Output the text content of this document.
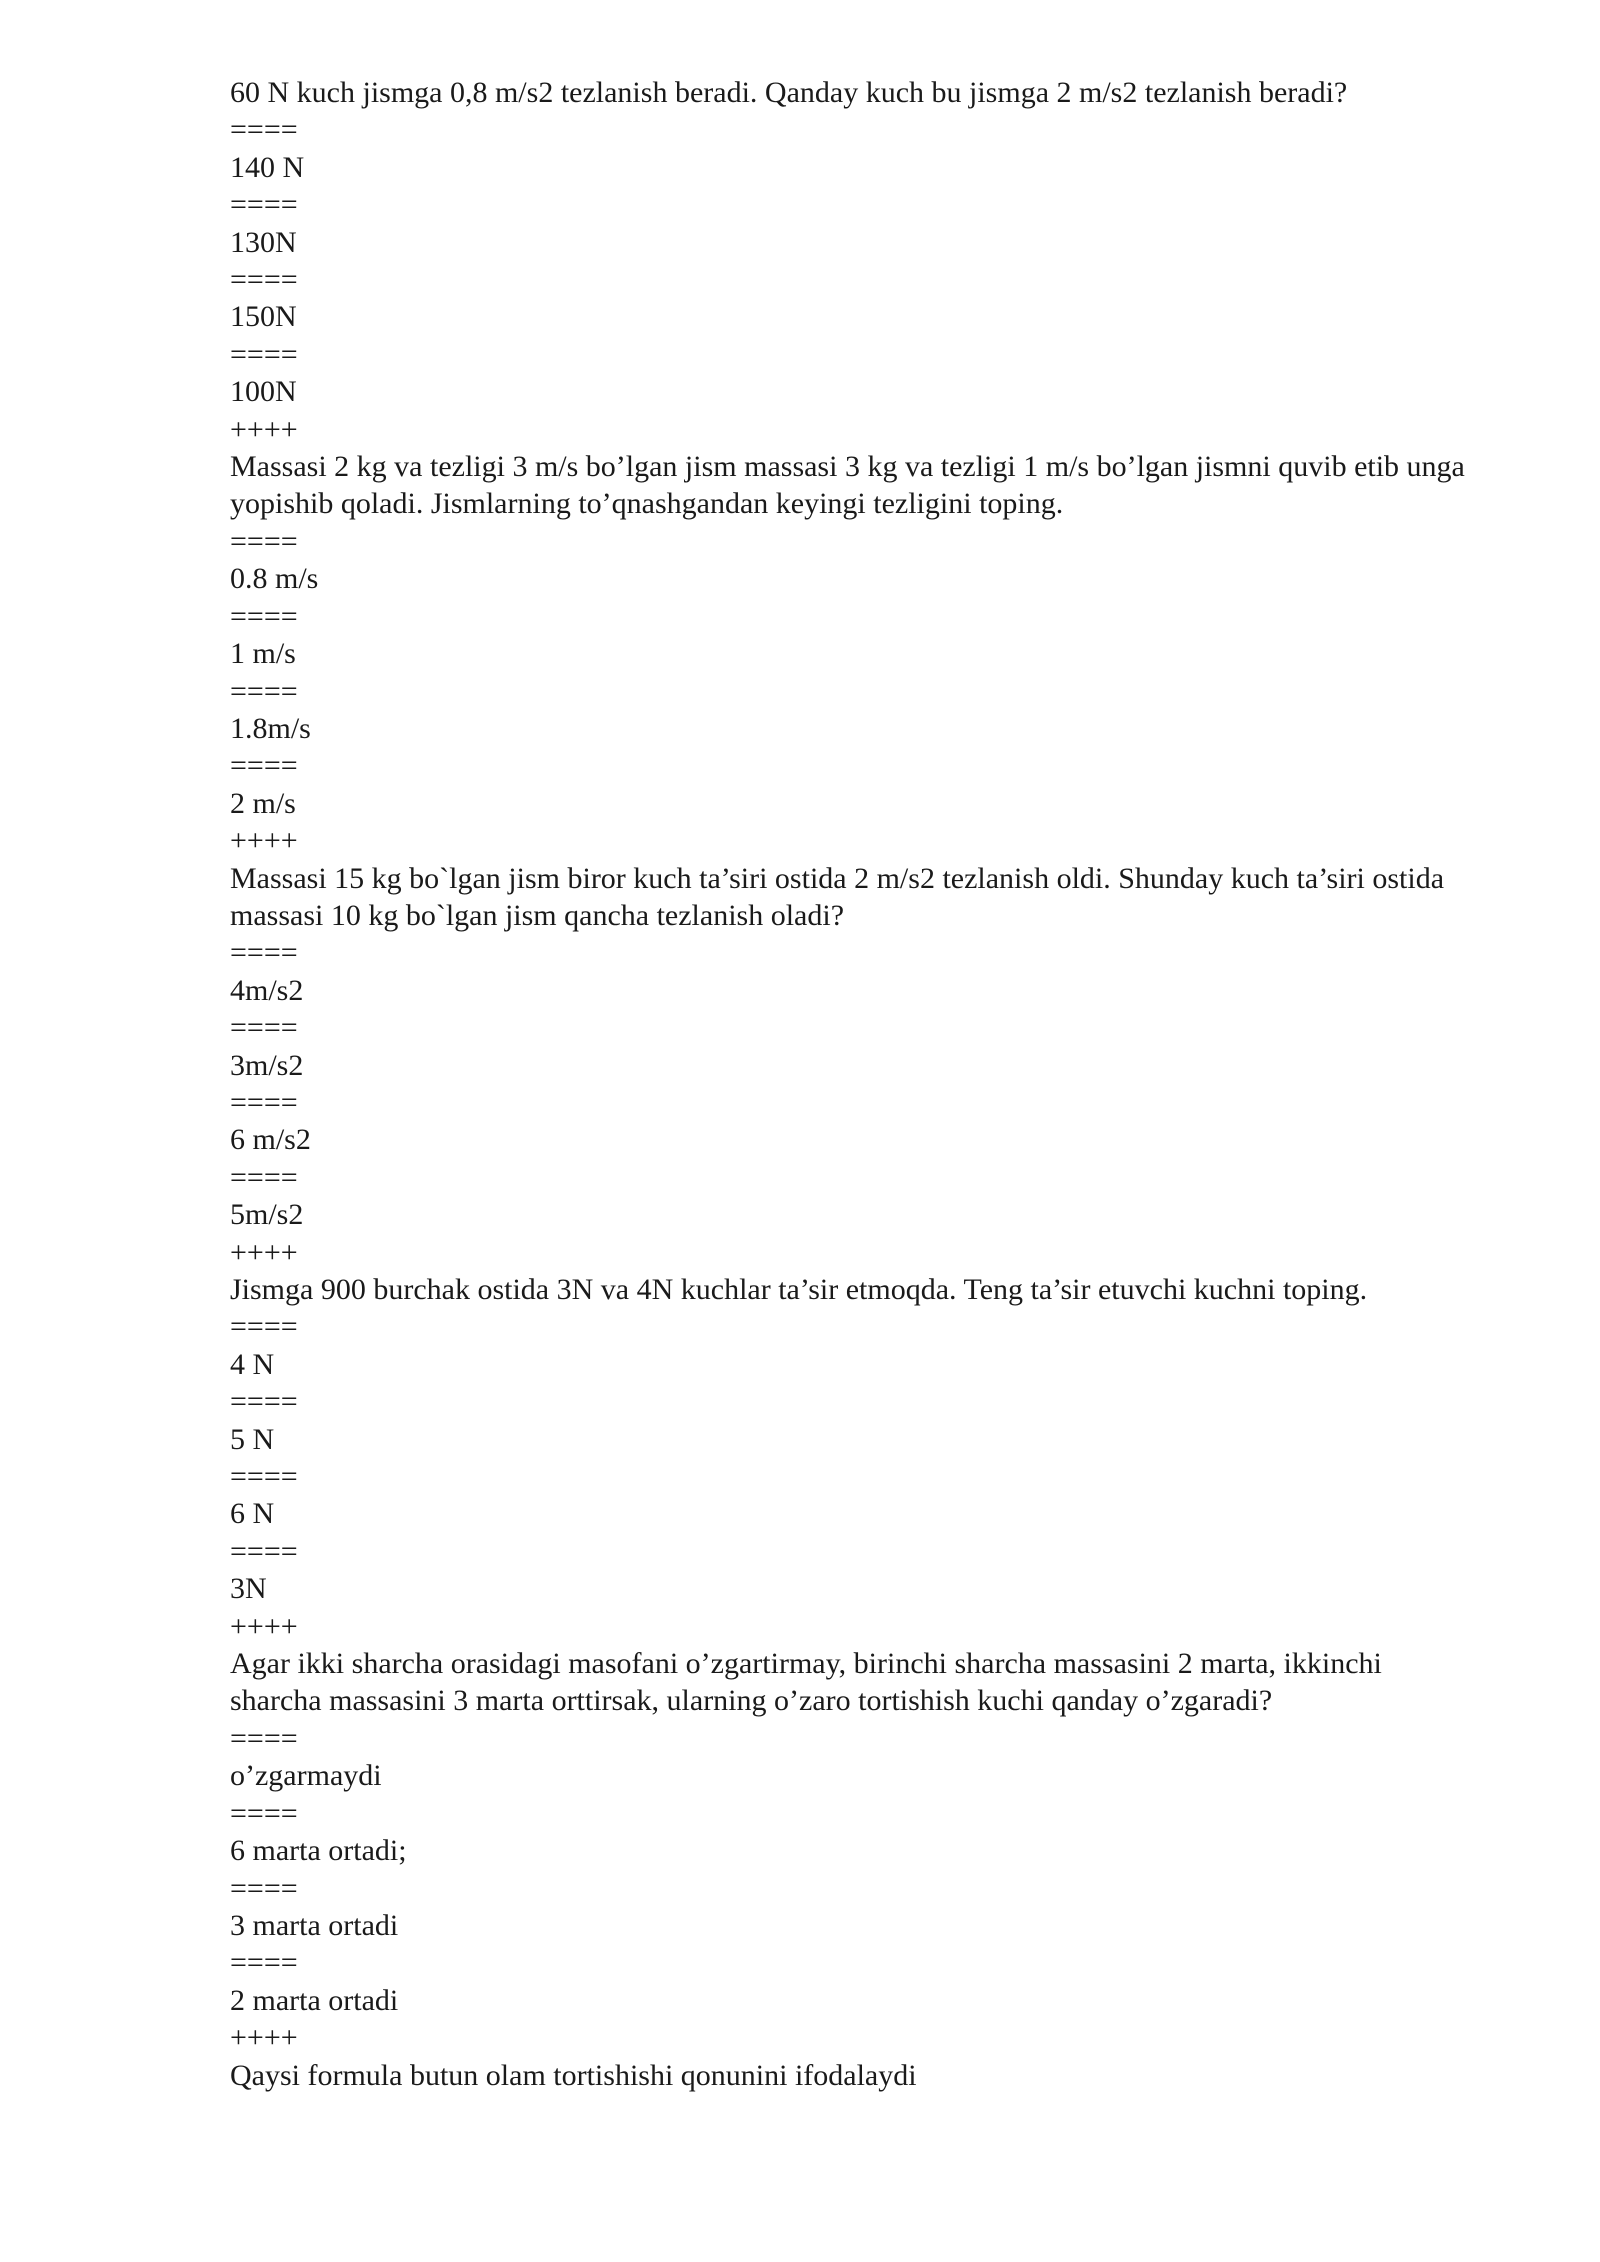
60 N kuch jismga 0,8 m/s2 tezlanish beradi. Qanday kuch bu jismga 2 m/s2 tezlanish beradi?
====
140 N
====
130N
====
150N
====
100N
++++
Massasi 2 kg va tezligi 3 m/s bo’lgan jism massasi 3 kg va tezligi 1 m/s bo’lgan jismni quvib etib unga yopishib qoladi. Jismlarning to’qnashgandan keyingi tezligini toping.
====
0.8 m/s
====
1 m/s
====
1.8m/s
====
2 m/s
++++
Massasi 15 kg bo`lgan jism biror kuch ta’siri ostida 2 m/s2 tezlanish oldi. Shunday kuch ta’siri ostida massasi 10 kg bo`lgan jism qancha tezlanish oladi?
====
4m/s2
====
3m/s2
====
6 m/s2
====
5m/s2
++++
Jismga 900 burchak ostida 3N va 4N kuchlar ta’sir etmoqda. Teng ta’sir etuvchi kuchni toping.
====
4 N
====
5 N
====
6 N
====
3N
++++
Agar ikki sharcha orasidagi masofani o’zgartirmay, birinchi sharcha massasini 2 marta, ikkinchi sharcha massasini 3 marta orttirsak, ularning o’zaro tortishish kuchi qanday o’zgaradi?
====
o’zgarmaydi
====
6 marta ortadi;
====
3 marta ortadi
====
2 marta ortadi
++++
Qaysi formula butun olam tortishishi qonunini ifodalaydi
